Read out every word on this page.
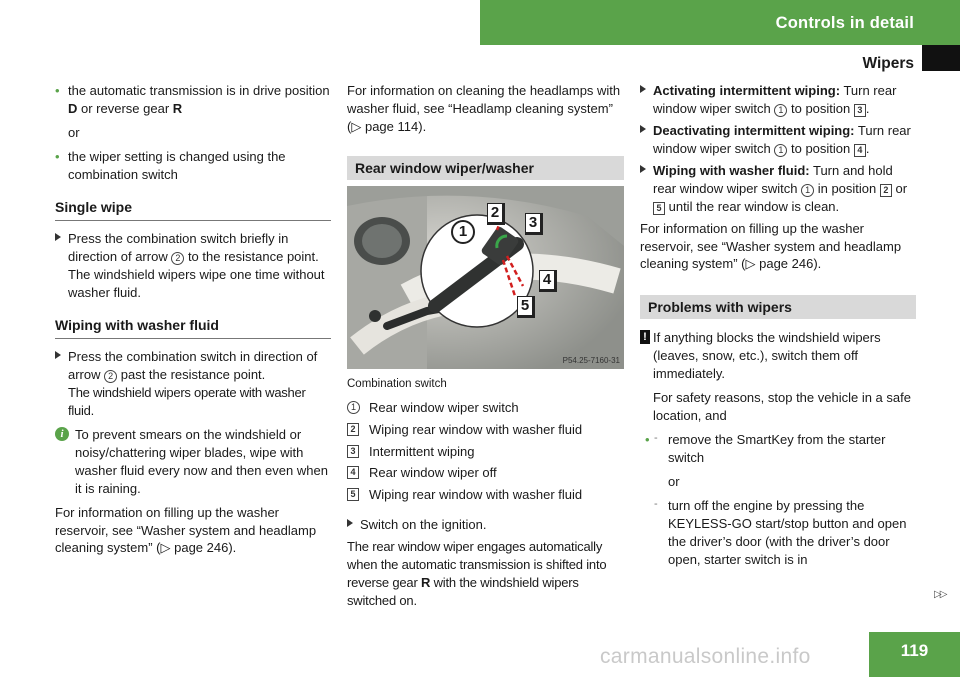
Controls in detail
Wipers
• the automatic transmission is in drive position D or reverse gear R
or
• the wiper setting is changed using the combination switch
Single wipe
Press the combination switch briefly in direction of arrow 2 to the resistance point.
The windshield wipers wipe one time without washer fluid.
Wiping with washer fluid
Press the combination switch in direction of arrow 2 past the resistance point.
The windshield wipers operate with washer fluid.
i To prevent smears on the windshield or noisy/chattering wiper blades, wipe with washer fluid every now and then even when it is raining.

For information on filling up the washer reservoir, see “Washer system and headlamp cleaning system” (▷ page 246).

For information on cleaning the headlamps with washer fluid, see “Headlamp cleaning system” (▷ page 114).

Rear window wiper/washer
1
2
3
4
5
P54.25-7160-31
Combination switch
1	Rear window wiper switch
2 Wiping rear window with washer fluid
3 Intermittent wiping
4 Rear window wiper off
5 Wiping rear window with washer fluid
Switch on the ignition.

The rear window wiper engages automatically when the automatic transmission is shifted into reverse gear R with the windshield wipers switched on.

Activating intermittent wiping: Turn rear window wiper switch 1 to position 3 .
Deactivating intermittent wiping: Turn rear window wiper switch 1 to position 4 .
Wiping with washer fluid: Turn and hold rear window wiper switch 1 in position 2 or 5 until the rear window is clean.

For information on filling up the washer reservoir, see “Washer system and headlamp cleaning system” (▷ page 246).

Problems with wipers
! If anything blocks the windshield wipers (leaves, snow, etc.), switch them off immediately.

For safety reasons, stop the vehicle in a safe location, and

• - remove the SmartKey from the starter switch
or
- turn off the engine by pressing the KEYLESS-GO start/stop button and open the driver’s door (with the driver’s door open, starter switch is in
▷▷
119
carmanualsonline.info
